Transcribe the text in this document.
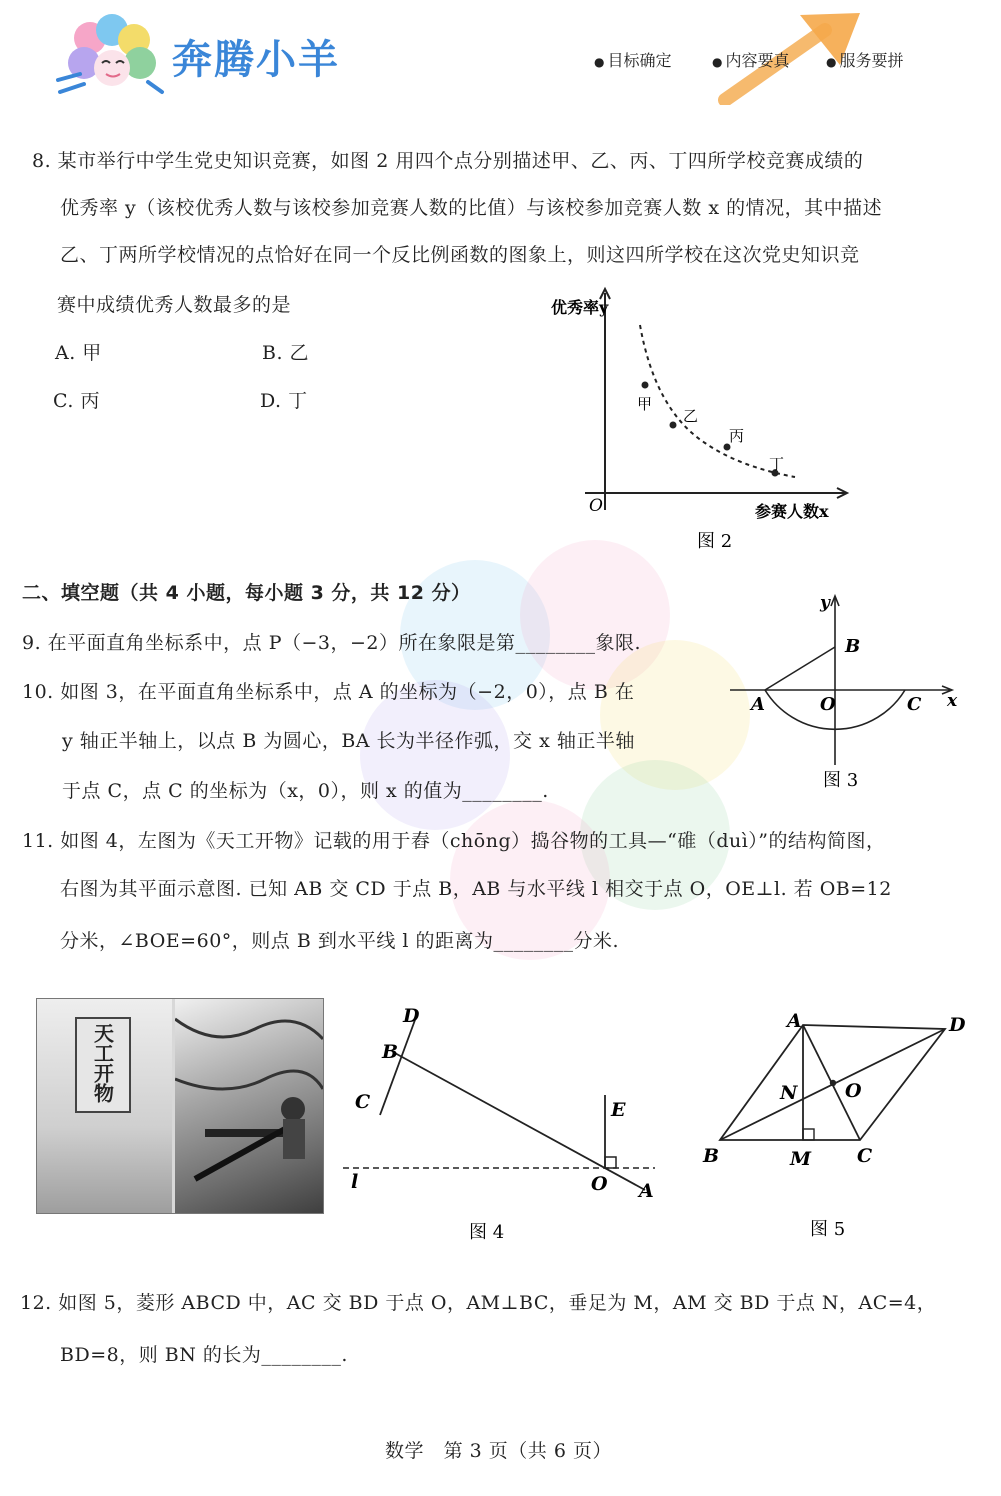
奔腾小羊	● 目标确定	● 内容要真	● 服务要拼
8. 某市举行中学生党史知识竞赛，如图 2 用四个点分别描述甲、乙、丙、丁四所学校竞赛成绩的
优秀率 y（该校优秀人数与该校参加竞赛人数的比值）与该校参加竞赛人数 x 的情况，其中描述
乙、丁两所学校情况的点恰好在同一个反比例函数的图象上，则这四所学校在这次党史知识竞
赛中成绩优秀人数最多的是
A. 甲	B. 乙
C. 丙	D. 丁
优秀率y
参赛人数x
O
甲
乙
丙
丁
图 2
二、填空题（共 4 小题，每小题 3 分，共 12 分）
9. 在平面直角坐标系中，点 P（−3，−2）所在象限是第________象限.
10. 如图 3，在平面直角坐标系中，点 A 的坐标为（−2，0），点 B 在
y 轴正半轴上，以点 B 为圆心，BA 长为半径作弧，交 x 轴正半轴
于点 C，点 C 的坐标为（x，0），则 x 的值为________.
y
B
A	O	C x
图 3
11. 如图 4，左图为《天工开物》记载的用于舂（chōng）捣谷物的工具—“碓（duì）”的结构简图，
右图为其平面示意图. 已知 AB 交 CD 于点 B，AB 与水平线 l 相交于点 O，OE⊥l. 若 OB=12
分米，∠BOE=60°，则点 B 到水平线 l 的距离为________分米.
天工开物
D
B
C	E
l	O A
图 4
A	D
N	O
B	M C
图 5
12. 如图 5，菱形 ABCD 中，AC 交 BD 于点 O，AM⊥BC，垂足为 M，AM 交 BD 于点 N，AC=4，
BD=8，则 BN 的长为________.
数学   第 3 页（共 6 页）
